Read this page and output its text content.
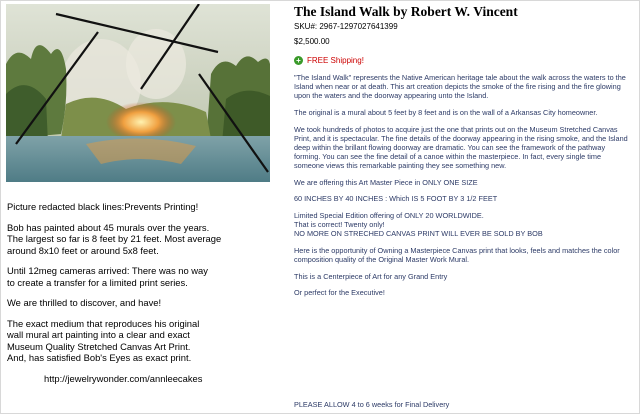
Picture redacted black lines:Prevents Printing!

Bob has painted about 45 murals over the years.
The largest so far is 8 feet by 21 feet. Most average
around 8x10 feet or around 5x8 feet.

Until 12meg cameras arrived: There was no way
to create a transfer for a limited print series.

We are thrilled to discover, and have!

The exact medium that reproduces his original
wall mural art painting into a clear and exact
Museum Quality Stretched Canvas Art Print.
And, has satisfied Bob's Eyes as exact print.

http://jewelrywonder.com/annleecakes

The Island Walk by Robert W. Vincent
SKU#: 2967-1297027641399
$2,500.00
+ FREE Shipping!

"The Island Walk" represents the Native American heritage tale about the walk across the waters to the Island when near or at death. This art creation depicts the smoke of the fire rising and the fire glowing upon the waters and the doorway appearing unto the Island.

The original is a mural about 5 feet by 8 feet and is on the wall of a Arkansas City homeowner.

We took hundreds of photos to acquire just the one that prints out on the Museum Stretched Canvas Print, and it is spectacular. The fine details of the doorway appearing in the rising smoke, and the Island deep within the brillant flowing doorway are dramatic. You can see the framework of the pathway forming. You can see the fine detail of a canoe within the masterpiece. In fact, every single time someone views this remarkable painting they see something new.

We are offering this Art Master Piece in ONLY ONE SIZE

60 INCHES BY 40 INCHES : Which IS 5 FOOT BY 3 1/2 FEET

Limited Special Edition offering of ONLY 20 WORLDWIDE.
That is correct! Twenty only!
NO MORE ON STRECHED CANVAS PRINT WILL EVER BE SOLD BY BOB

Here is the opportunity of Owning a Masterpiece Canvas print that looks, feels and matches the color composition quality of the Original Master Work Mural.

This is a Centerpiece of Art for any Grand Entry

Or perfect for the Executive!

PLEASE ALLOW 4 to 6 weeks for Final Delivery
